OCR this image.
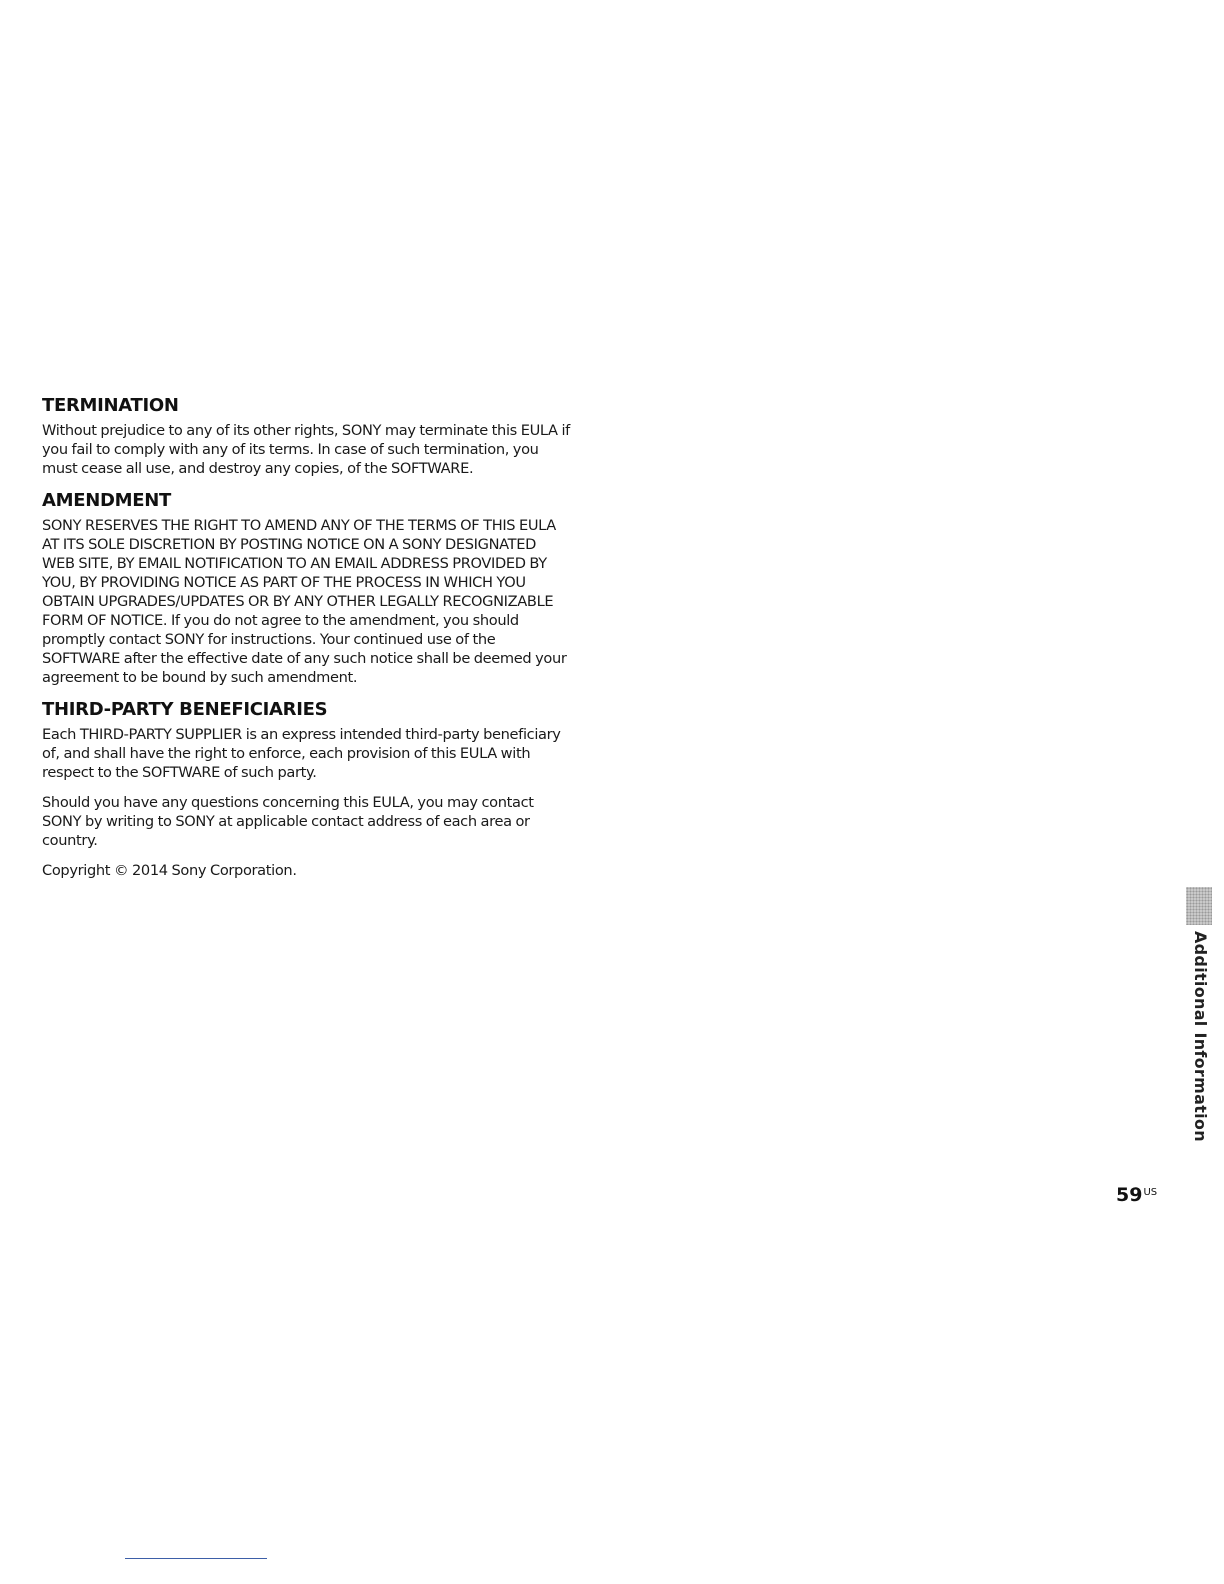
TERMINATION

Without prejudice to any of its other rights, SONY may terminate this EULA if you fail to comply with any of its terms. In case of such termination, you must cease all use, and destroy any copies, of the SOFTWARE.

AMENDMENT

SONY RESERVES THE RIGHT TO AMEND ANY OF THE TERMS OF THIS EULA AT ITS SOLE DISCRETION BY POSTING NOTICE ON A SONY DESIGNATED WEB SITE, BY EMAIL NOTIFICATION TO AN EMAIL ADDRESS PROVIDED BY YOU, BY PROVIDING NOTICE AS PART OF THE PROCESS IN WHICH YOU OBTAIN UPGRADES/UPDATES OR BY ANY OTHER LEGALLY RECOGNIZABLE FORM OF NOTICE. If you do not agree to the amendment, you should promptly contact SONY for instructions. Your continued use of the SOFTWARE after the effective date of any such notice shall be deemed your agreement to be bound by such amendment.

THIRD-PARTY BENEFICIARIES

Each THIRD-PARTY SUPPLIER is an express intended third-party beneficiary of, and shall have the right to enforce, each provision of this EULA with respect to the SOFTWARE of such party.

Should you have any questions concerning this EULA, you may contact SONY by writing to SONY at applicable contact address of each area or country.

Copyright © 2014 Sony Corporation.

Additional Information
$59^{US}$
